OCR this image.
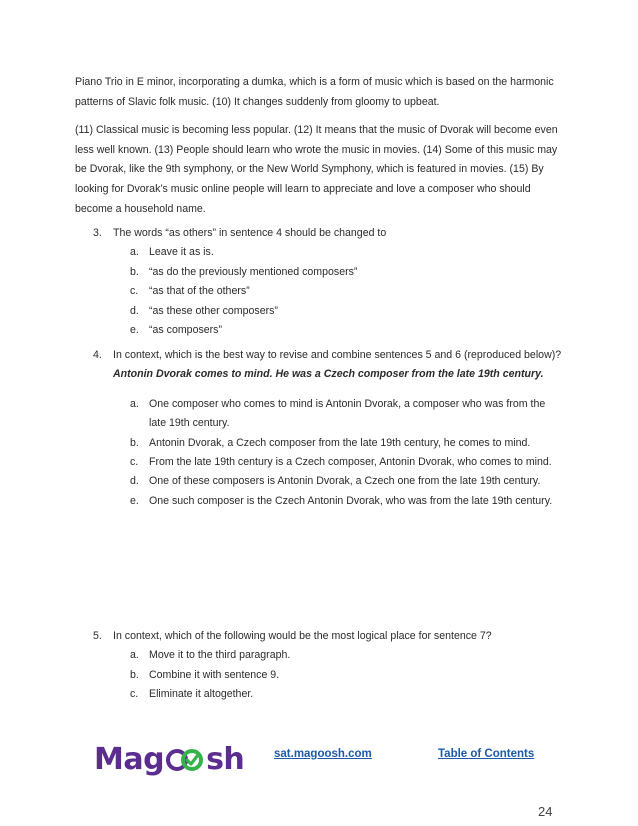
Piano Trio in E minor, incorporating a dumka, which is a form of music which is based on the harmonic patterns of Slavic folk music. (10) It changes suddenly from gloomy to upbeat.

(11) Classical music is becoming less popular. (12) It means that the music of Dvorak will become even less well known. (13) People should learn who wrote the music in movies. (14) Some of this music may be Dvorak, like the 9th symphony, or the New World Symphony, which is featured in movies. (15) By looking for Dvorak’s music online people will learn to appreciate and love a composer who should become a household name.

3. The words “as others” in sentence 4 should be changed to
a. Leave it as is.
b. “as do the previously mentioned composers”
c. “as that of the others”
d. “as these other composers”
e. “as composers”
4. In context, which is the best way to revise and combine sentences 5 and 6 (reproduced below)?
Antonin Dvorak comes to mind. He was a Czech composer from the late 19th century.
a. One composer who comes to mind is Antonin Dvorak, a composer who was from the late 19th century.
b. Antonin Dvorak, a Czech composer from the late 19th century, he comes to mind.
c. From the late 19th century is a Czech composer, Antonin Dvorak, who comes to mind.
d. One of these composers is Antonin Dvorak, a Czech one from the late 19th century.
e. One such composer is the Czech Antonin Dvorak, who was from the late 19th century.
5. In context, which of the following would be the most logical place for sentence 7?
a. Move it to the third paragraph.
b. Combine it with sentence 9.
c. Eliminate it altogether.
Mag sh	sat.magoosh.com	Table of Contents
24
